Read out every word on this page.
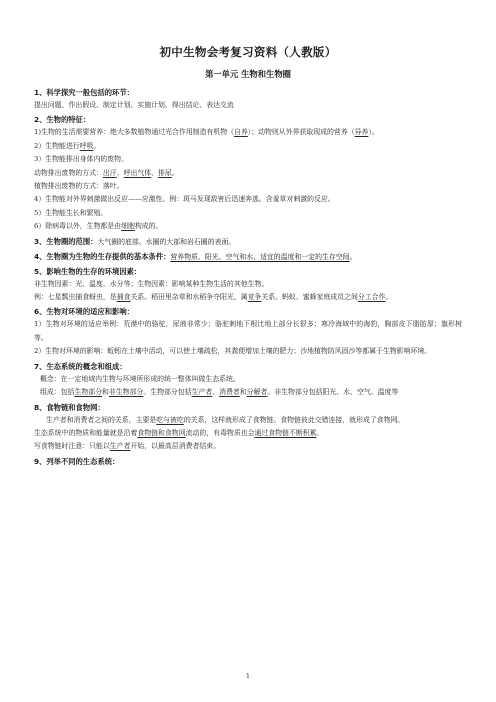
初中生物会考复习资料（人教版）
第一单元 生物和生物圈
1、科学探究一般包括的环节：
提出问题、作出假设、制定计划、实施计划、得出结论、表达交流
2、生物的特征：
1)生物的生活需要营养：绝大多数植物通过光合作用制造有机物（自养）；动物则从外界获取现成的营养（异养）。
2）生物能进行呼吸。
3）生物能排出身体内的废物。
动物排出废物的方式：出汗、呼出气体、排尿。
植物排出废物的方式：落叶。
4）生物能对外界刺激做出反应——应激性。例：斑马发现敌害后迅速奔逃。含羞草对刺激的反应。
5）生物能生长和繁殖。
6）除病毒以外，生物都是由细胞构成的。
3、生物圈的范围：大气圈的底部、水圈的大部和岩石圈的表面。
4、生物圈为生物的生存提供的基本条件：营养物质、阳光、空气和水、适宜的温度和一定的生存空间。
5、影响生物的生存的环境因素：
非生物因素：光、温度、水分等；生物因素：影响某种生物生活的其他生物。
例：七星瓢虫捕食蚜虫，是捕食关系。稻田里杂草和水稻争夺阳光，属竞争关系。蚂蚁、蜜蜂家庭成员之间分工合作。
6、生物对环境的适应和影响：
1）生物对环境的适应举例：荒漠中的骆驼，尿液非常少；骆驼刺地下根比地上部分长很多；寒冷海域中的海豹，胸部皮下脂肪厚；旗形树等。
2）生物对环境的影响：蚯蚓在土壤中活动，可以使土壤疏松，其粪便增加土壤的肥力；沙地植物防风固沙等都属于生物影响环境。
7、生态系统的概念和组成：
概念：在一定地域内生物与环境所形成的统一整体叫做生态系统。
组成：包括生物部分和非生物部分。生物部分包括生产者、消费者和分解者。非生物部分包括阳光、水、空气、温度等
8、食物链和食物网：
生产者和消费者之间的关系，主要是吃与被吃的关系，这样就形成了食物链。食物链彼此交错连接，就形成了食物网。
生态系统中的物质和能量就是沿着食物链和食物网流动的，有毒物质也会通过食物链不断积累。
写食物链时注意：只能以生产者开始，以最高层消费者结束。
9、列举不同的生态系统：
1
